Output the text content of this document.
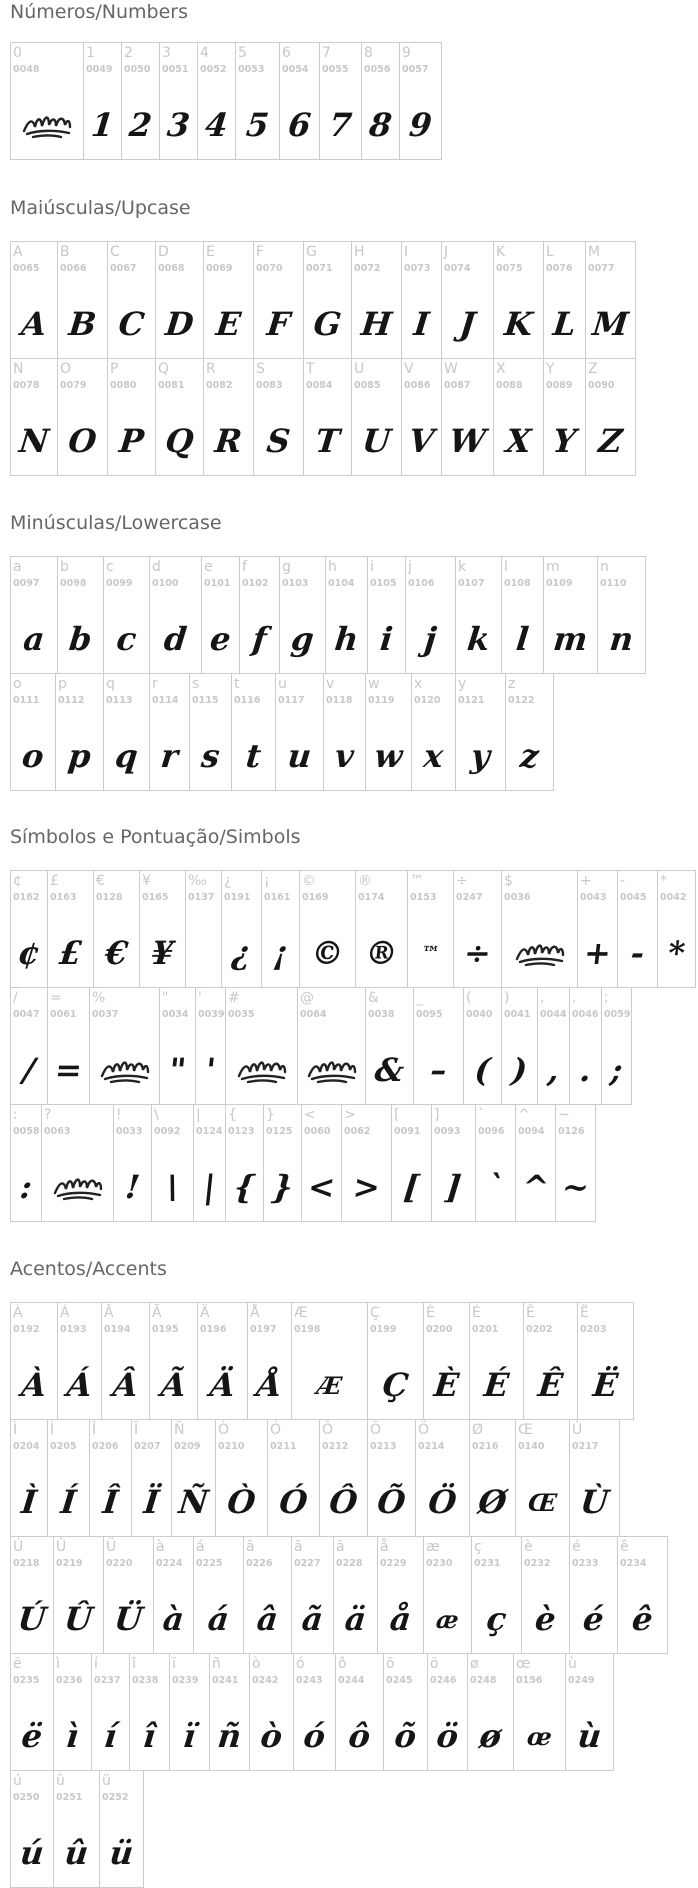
Números/Numbers
0
0048
1
0049
1
2
0050
2
3
0051
3
4
0052
4
5
0053
5
6
0054
6
7
0055
7
8
0056
8
9
0057
9
Maiúsculas/Upcase
A
0065
A
B
0066
B
C
0067
C
D
0068
D
E
0069
E
F
0070
F
G
0071
G
H
0072
H
I
0073
I
J
0074
J
K
0075
K
L
0076
L
M
0077
M
N
0078
N
O
0079
O
P
0080
P
Q
0081
Q
R
0082
R
S
0083
S
T
0084
T
U
0085
U
V
0086
V
W
0087
W
X
0088
X
Y
0089
Y
Z
0090
Z
Minúsculas/Lowercase
a
0097
a
b
0098
b
c
0099
c
d
0100
d
e
0101
e
f
0102
f
g
0103
g
h
0104
h
i
0105
i
j
0106
j
k
0107
k
l
0108
l
m
0109
m
n
0110
n
o
0111
o
p
0112
p
q
0113
q
r
0114
r
s
0115
s
t
0116
t
u
0117
u
v
0118
v
w
0119
w
x
0120
x
y
0121
y
z
0122
z
Símbolos e Pontuação/Simbols
¢
0162
¢
£
0163
£
€
0128
€
¥
0165
¥
‰
0137
¿
0191
¿
¡
0161
¡
©
0169
©
®
0174
®
™
0153
™
÷
0247
÷
$
0036
+
0043
+
-
0045
-
*
0042
*
/
0047
/
=
0061
=
%
0037
"
0034
"
'
0039
'
#
0035
@
0064
&
0038
&
_
0095
–
(
0040
(
)
0041
)
,
0044
,
.
0046
.
;
0059
;
:
0058
:
?
0063
!
0033
!
\
0092
\
|
0124
|
{
0123
{
}
0125
}
<
0060
<
>
0062
>
[
0091
[
]
0093
]
`
0096
`
^
0094
^
~
0126
~
Acentos/Accents
À
0192
À
Á
0193
Á
Â
0194
Â
Ã
0195
Ã
Ä
0196
Ä
Å
0197
Å
Æ
0198
Æ
Ç
0199
Ç
È
0200
È
É
0201
É
Ê
0202
Ê
Ë
0203
Ë
Ì
0204
Ì
Í
0205
Í
Î
0206
Î
Ï
0207
Ï
Ñ
0209
Ñ
Ò
0210
Ò
Ó
0211
Ó
Ô
0212
Ô
Õ
0213
Õ
Ö
0214
Ö
Ø
0216
Ø
Œ
0140
Œ
Ù
0217
Ù
Ú
0218
Ú
Û
0219
Û
Ü
0220
Ü
à
0224
à
á
0225
á
â
0226
â
ã
0227
ã
ä
0228
ä
å
0229
å
æ
0230
æ
ç
0231
ç
è
0232
è
é
0233
é
ê
0234
ê
ë
0235
ë
ì
0236
ì
í
0237
í
î
0238
î
ï
0239
ï
ñ
0241
ñ
ò
0242
ò
ó
0243
ó
ô
0244
ô
õ
0245
õ
ö
0246
ö
ø
0248
ø
œ
0156
œ
ù
0249
ù
ú
0250
ú
û
0251
û
ü
0252
ü
